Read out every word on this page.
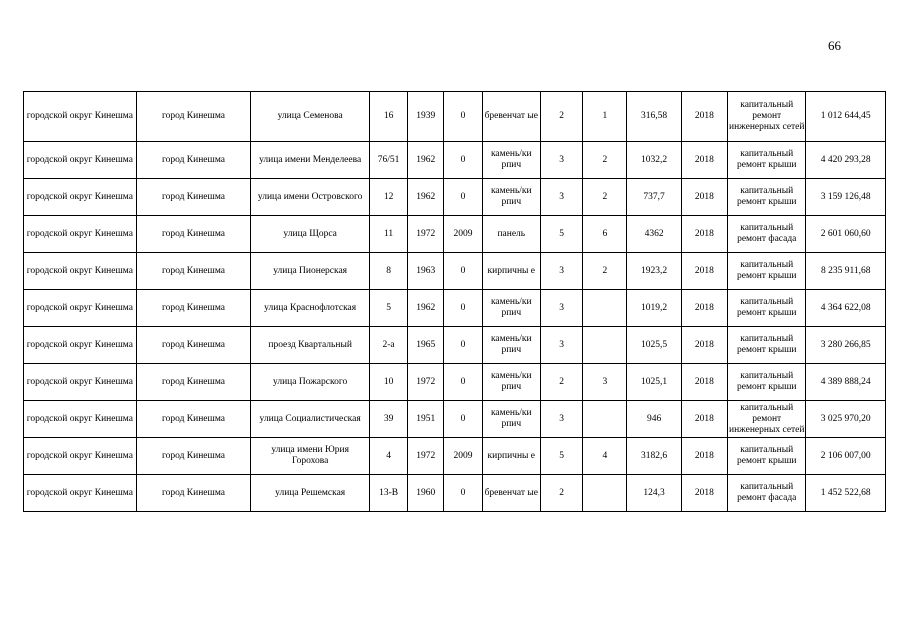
66
городской округ Кинешма	город Кинешма	улица Семенова	16	1939	0	бревенчат ые	2	1	316,58	2018	капитальный ремонт инженерных сетей	1 012 644,45
городской округ Кинешма	город Кинешма	улица имени Менделеева	76/51	1962	0	камень/ки рпич	3	2	1032,2	2018	капитальный ремонт крыши	4 420 293,28
городской округ Кинешма	город Кинешма	улица имени Островского	12	1962	0	камень/ки рпич	3	2	737,7	2018	капитальный ремонт крыши	3 159 126,48
городской округ Кинешма	город Кинешма	улица Щорса	11	1972	2009	панель	5	6	4362	2018	капитальный ремонт фасада	2 601 060,60
городской округ Кинешма	город Кинешма	улица Пионерская	8	1963	0	кирпичны е	3	2	1923,2	2018	капитальный ремонт крыши	8 235 911,68
городской округ Кинешма	город Кинешма	улица Краснофлотская	5	1962	0	камень/ки рпич	3		1019,2	2018	капитальный ремонт крыши	4 364 622,08
городской округ Кинешма	город Кинешма	проезд Квартальный	2-а	1965	0	камень/ки рпич	3		1025,5	2018	капитальный ремонт крыши	3 280 266,85
городской округ Кинешма	город Кинешма	улица Пожарского	10	1972	0	камень/ки рпич	2	3	1025,1	2018	капитальный ремонт крыши	4 389 888,24
городской округ Кинешма	город Кинешма	улица Социалистическая	39	1951	0	камень/ки рпич	3		946	2018	капитальный ремонт инженерных сетей	3 025 970,20
городской округ Кинешма	город Кинешма	улица имени Юрия Горохова	4	1972	2009	кирпичны е	5	4	3182,6	2018	капитальный ремонт крыши	2 106 007,00
городской округ Кинешма	город Кинешма	улица Решемская	13-В	1960	0	бревенчат ые	2		124,3	2018	капитальный ремонт фасада	1 452 522,68
